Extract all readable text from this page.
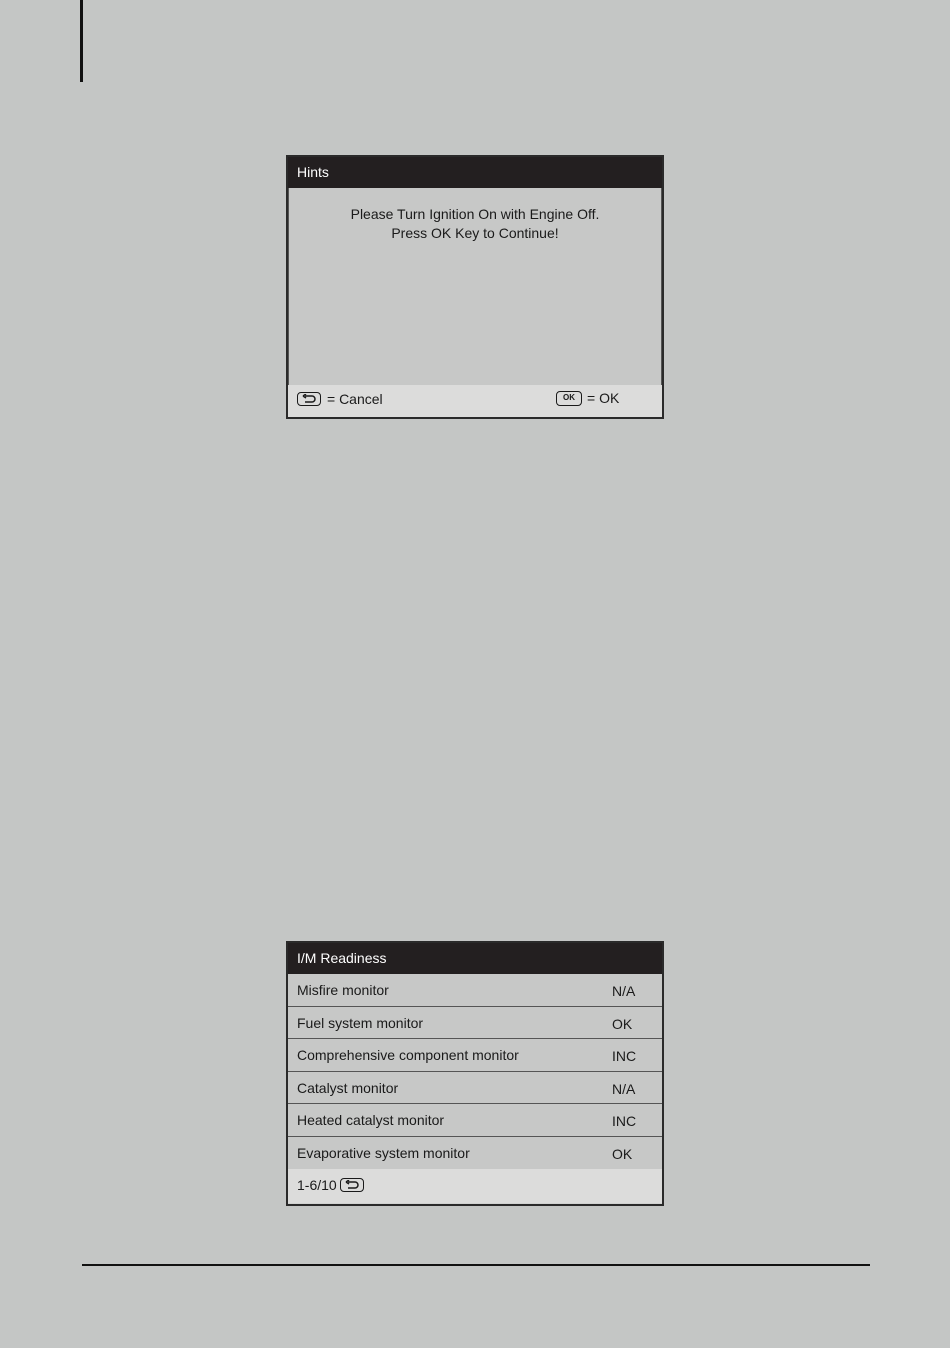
Hints
Please Turn Ignition On with Engine Off.
Press OK Key to Continue!
= Cancel	OK = OK
I/M Readiness
Misfire monitor	N/A
Fuel system monitor	OK
Comprehensive component monitor	INC
Catalyst monitor	N/A
Heated catalyst monitor	INC
Evaporative system monitor	OK
1-6/10
